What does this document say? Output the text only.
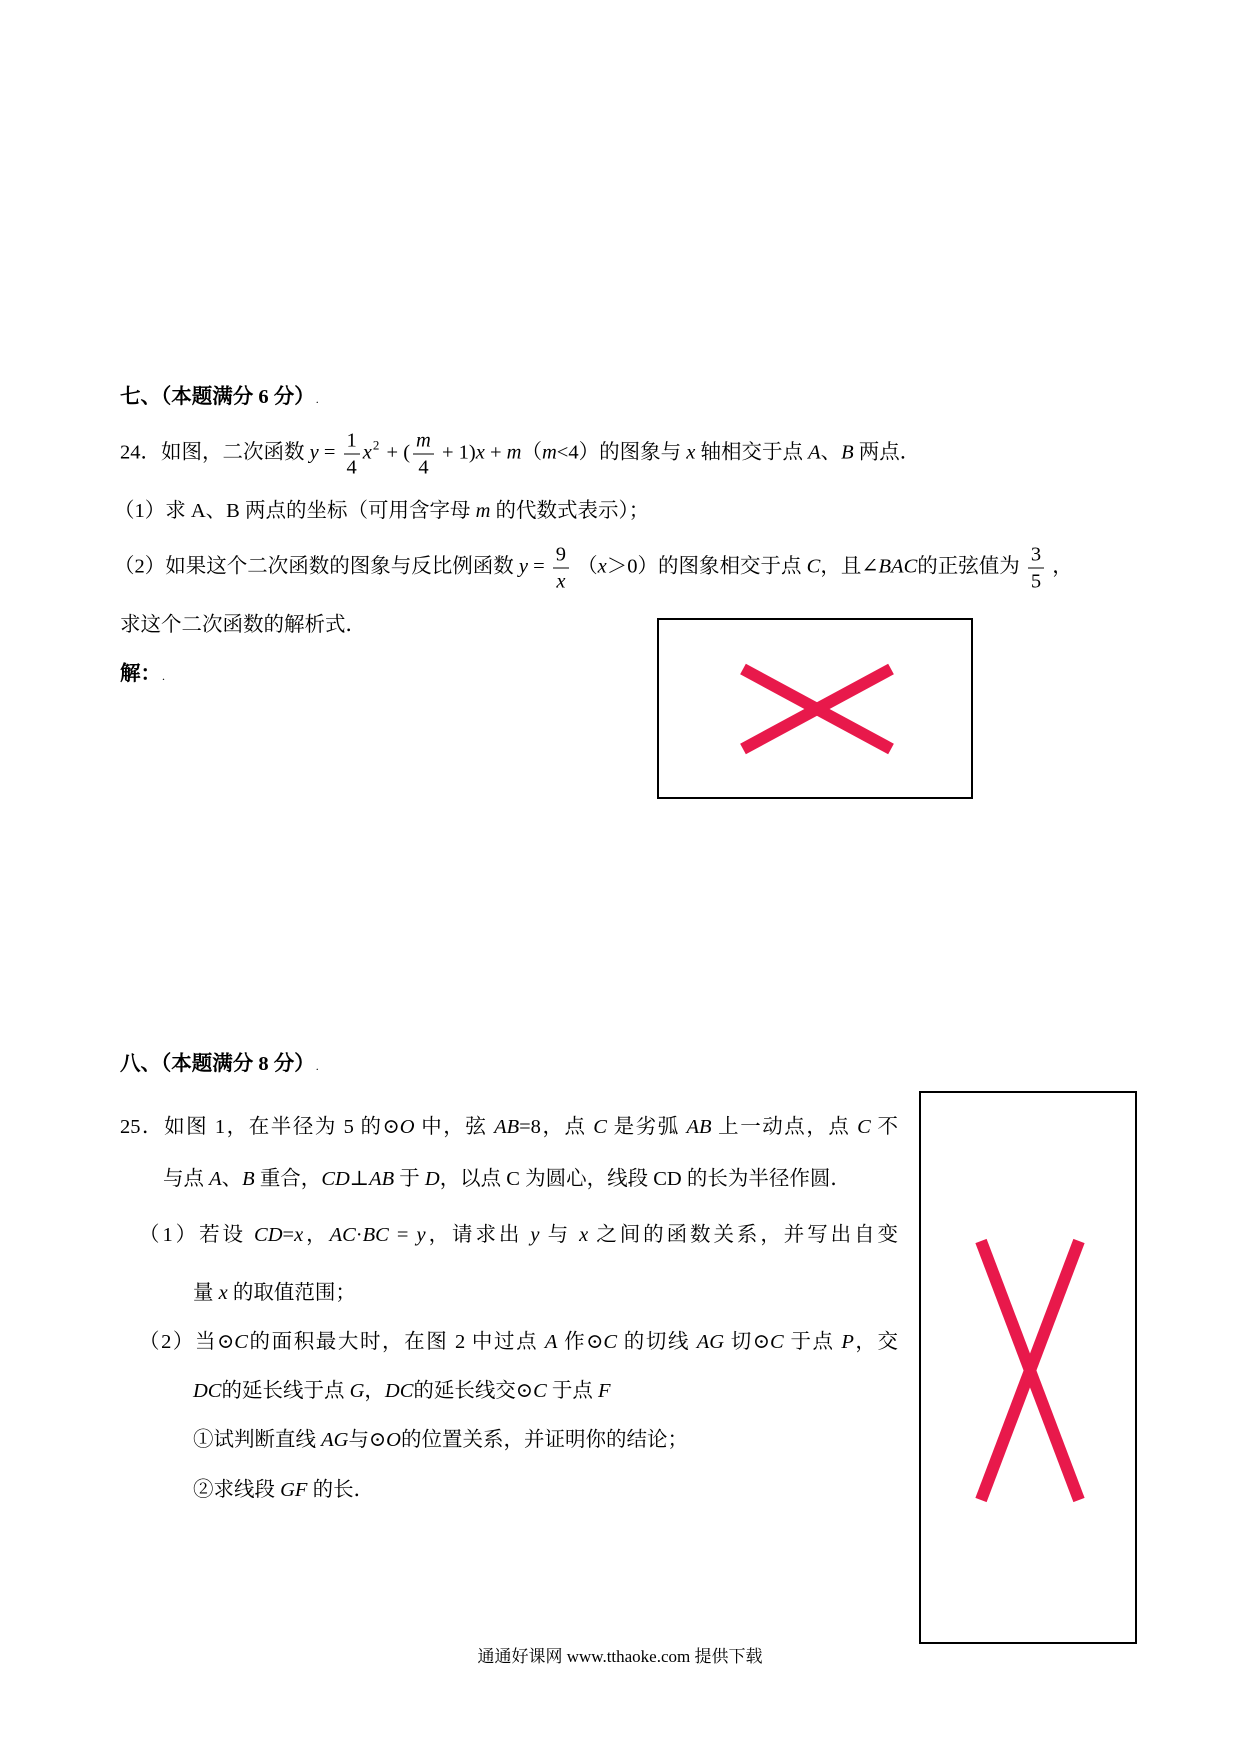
七、（本题满分 6 分）.
24．如图，二次函数 $y = \frac{1}{4} x^2$ + ( $\frac{m}{4} + 1)x + m(m<4)$的图象与 x 轴相交于点 A、B 两点．
（1）求 A、B 两点的坐标（可用含字母 m 的代数式表示）；
（2）如果这个二次函数的图象与反比例函数 $y = \frac{9}{x} (x>0)$的图象相交于点 C，且∠BAC的正弦值为 $\frac{3}{5}$ ，
求这个二次函数的解析式．
解：.
八、（本题满分 8 分）.
25．如图 1，在半径为 5 的⊙O 中，弦 AB=8，点 C 是劣弧 AB 上一动点，点 C 不
与点 A、B 重合，CD⊥AB 于 D，以点 C 为圆心，线段 CD 的长为半径作圆．
（1）若设 CD=x，AC·BC = y，请求出 y 与 x 之间的函数关系，并写出自变
量 x 的取值范围；
（2）当⊙C的面积最大时，在图 2 中过点 A 作⊙C 的切线 AG 切⊙C 于点 P，交
DC的延长线于点 G，DC的延长线交⊙C 于点 F
①试判断直线 AG与⊙O的位置关系，并证明你的结论；
②求线段 GF 的长．
通通好课网 www.tthaoke.com 提供下载
